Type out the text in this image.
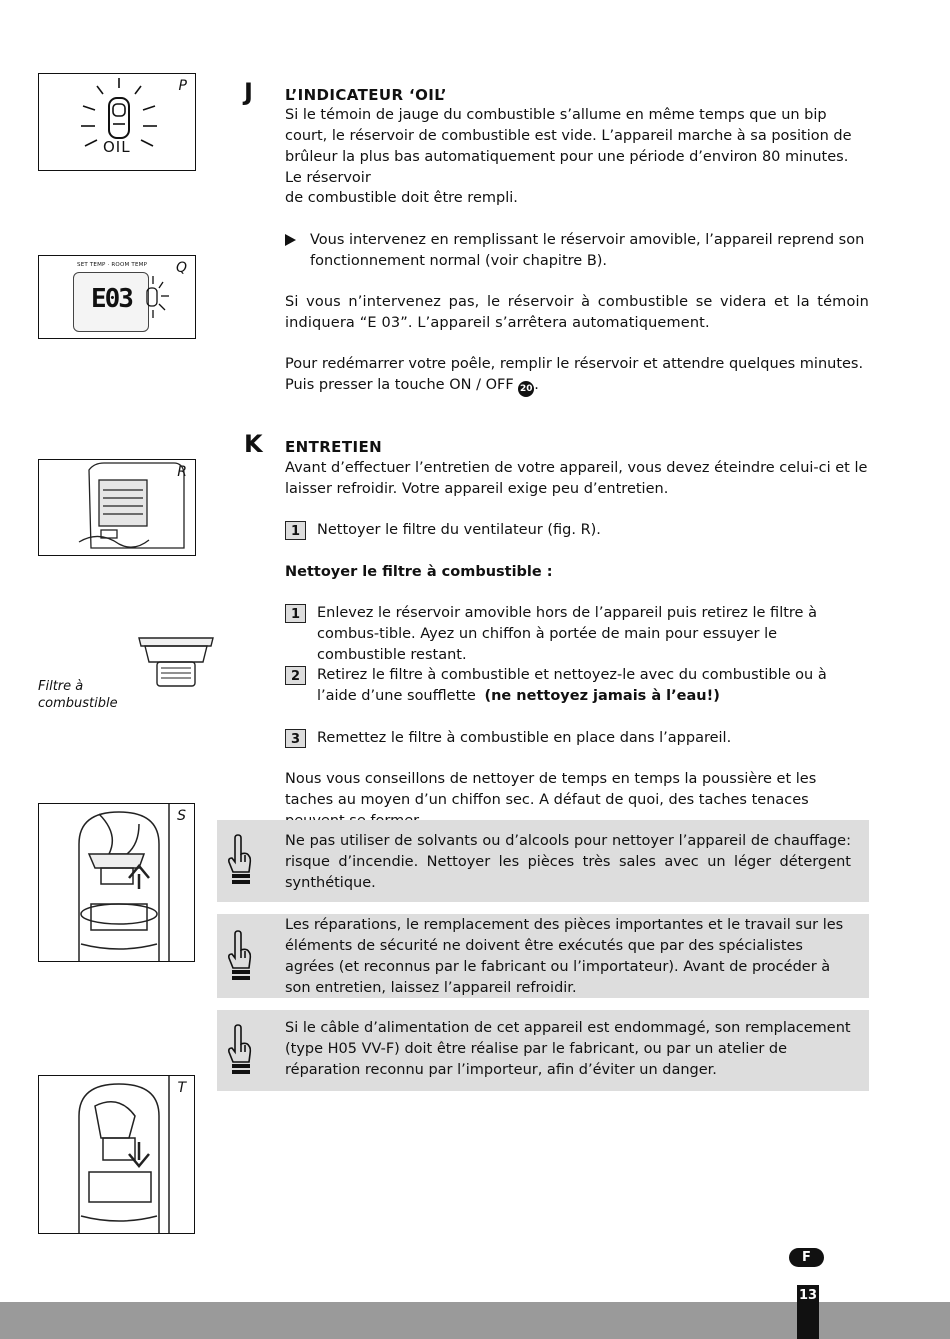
P
OIL
Q
SET TEMP · ROOM TEMP
E03
R
Filtre à
combustible
S
T
J L’INDICATEUR ‘OIL’
Si le témoin de jauge du combustible s’allume en même temps que un bip court, le réservoir de combustible est vide. L’appareil marche à sa position de brûleur la plus bas automatiquement pour une période d’environ 80 minutes. Le réservoir
de combustible doit être rempli.
Vous intervenez en remplissant le réservoir amovible, l’appareil reprend son fonctionnement normal (voir chapitre B).
Si vous n’intervenez pas, le réservoir à combustible se videra et la témoin indiquera “E 03”. L’appareil s’arrêtera automatiquement.
Pour redémarrer votre poêle, remplir le réservoir et attendre quelques minutes. Puis presser la touche ON / OFF 20 .
K ENTRETIEN
Avant d’effectuer l’entretien de votre appareil, vous devez éteindre celui-ci et le laisser refroidir. Votre appareil exige peu d’entretien.
1	Nettoyer le filtre du ventilateur (fig. R).
Nettoyer le filtre à combustible :
1	Enlevez le réservoir amovible hors de l’appareil puis retirez le filtre à combus-tible. Ayez un chiffon à portée de main pour essuyer le combustible restant.
2	Retirez le filtre à combustible et nettoyez-le avec du combustible ou à l’aide d’une soufflette (ne nettoyez jamais à l’eau!)
3	Remettez le filtre à combustible en place dans l’appareil.
Nous vous conseillons de nettoyer de temps en temps la poussière et les taches au moyen d’un chiffon sec. A défaut de quoi, des taches tenaces
Ne pas utiliser de solvants ou d’alcools pour nettoyer l’appareil de chauffage: risque d’incendie. Nettoyer les pièces très sales avec un léger détergent synthétique.
Les réparations, le remplacement des pièces importantes et le travail sur les éléments de sécurité ne doivent être exécutés que par des spécialistes agrées (et reconnus par le fabricant ou l’importateur). Avant de procéder à son entretien, laissez l’appareil refroidir.
Si le câble d’alimentation de cet appareil est endommagé, son remplacement (type H05 VV-F) doit être réalise par le fabricant, ou par un atelier de réparation reconnu par l’importeur, afin d’éviter un danger.
F
13
